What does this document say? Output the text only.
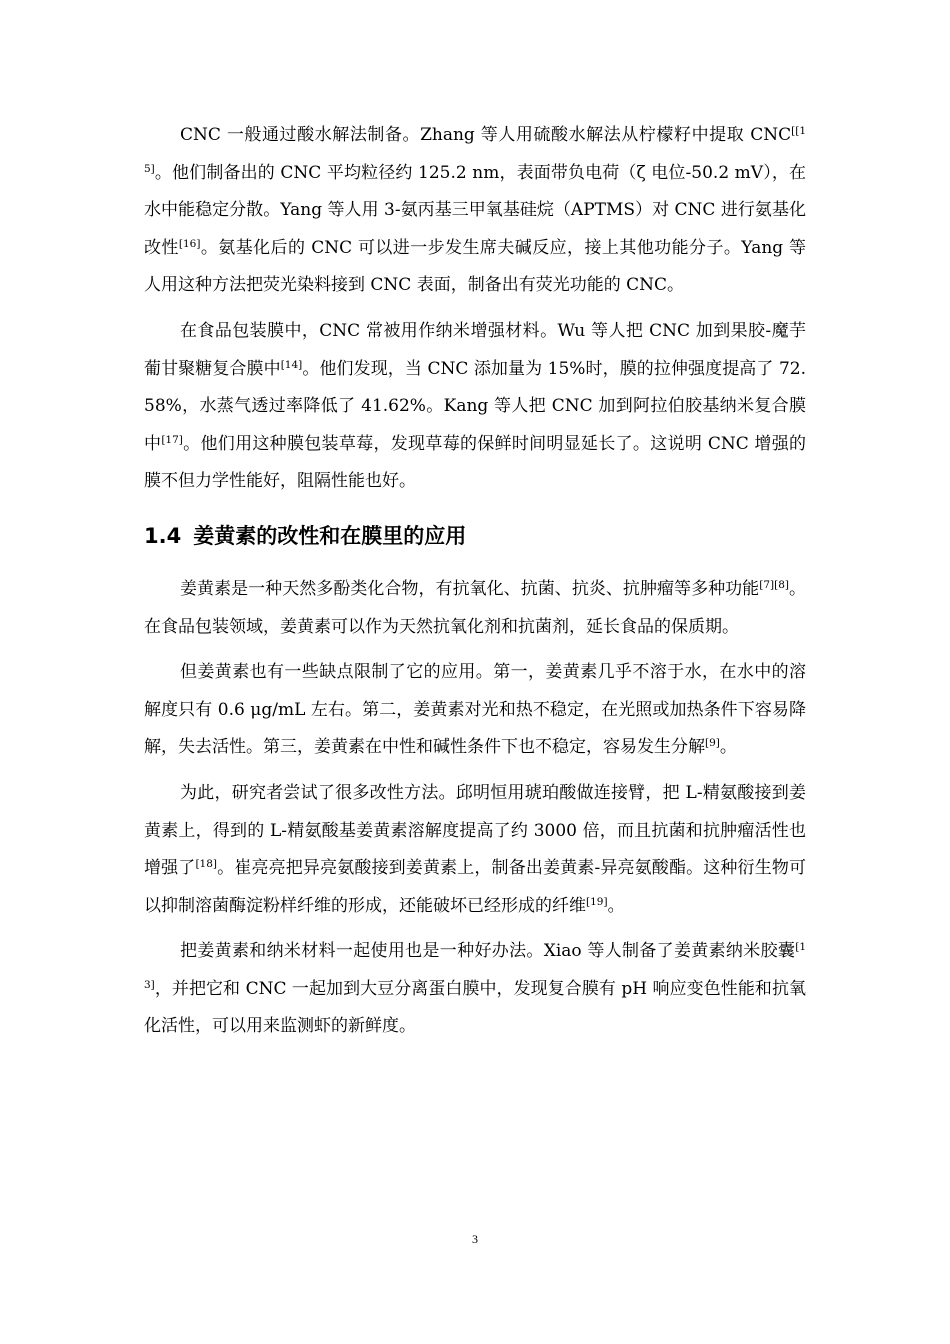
CNC 一般通过酸水解法制备。Zhang 等人用硫酸水解法从柠檬籽中提取 CNC[[15]。他们制备出的 CNC 平均粒径约 125.2 nm，表面带负电荷（ζ 电位-50.2 mV），在水中能稳定分散。Yang 等人用 3-氨丙基三甲氧基硅烷（APTMS）对 CNC 进行氨基化改性[16]。氨基化后的 CNC 可以进一步发生席夫碱反应，接上其他功能分子。Yang 等人用这种方法把荧光染料接到 CNC 表面，制备出有荧光功能的 CNC。

在食品包装膜中，CNC 常被用作纳米增强材料。Wu 等人把 CNC 加到果胶-魔芋葡甘聚糖复合膜中[14]。他们发现，当 CNC 添加量为 15%时，膜的拉伸强度提高了 72.58%，水蒸气透过率降低了 41.62%。Kang 等人把 CNC 加到阿拉伯胶基纳米复合膜中[17]。他们用这种膜包装草莓，发现草莓的保鲜时间明显延长了。这说明 CNC 增强的膜不但力学性能好，阻隔性能也好。

1.4 姜黄素的改性和在膜里的应用

姜黄素是一种天然多酚类化合物，有抗氧化、抗菌、抗炎、抗肿瘤等多种功能[7][8]。在食品包装领域，姜黄素可以作为天然抗氧化剂和抗菌剂，延长食品的保质期。

但姜黄素也有一些缺点限制了它的应用。第一，姜黄素几乎不溶于水，在水中的溶解度只有 0.6 μg/mL 左右。第二，姜黄素对光和热不稳定，在光照或加热条件下容易降解，失去活性。第三，姜黄素在中性和碱性条件下也不稳定，容易发生分解[9]。

为此，研究者尝试了很多改性方法。邱明恒用琥珀酸做连接臂，把 L-精氨酸接到姜黄素上，得到的 L-精氨酸基姜黄素溶解度提高了约 3000 倍，而且抗菌和抗肿瘤活性也增强了[18]。崔亮亮把异亮氨酸接到姜黄素上，制备出姜黄素-异亮氨酸酯。这种衍生物可以抑制溶菌酶淀粉样纤维的形成，还能破坏已经形成的纤维[19]。

把姜黄素和纳米材料一起使用也是一种好办法。Xiao 等人制备了姜黄素纳米胶囊[13]，并把它和 CNC 一起加到大豆分离蛋白膜中，发现复合膜有 pH 响应变色性能和抗氧化活性，可以用来监测虾的新鲜度。

3
